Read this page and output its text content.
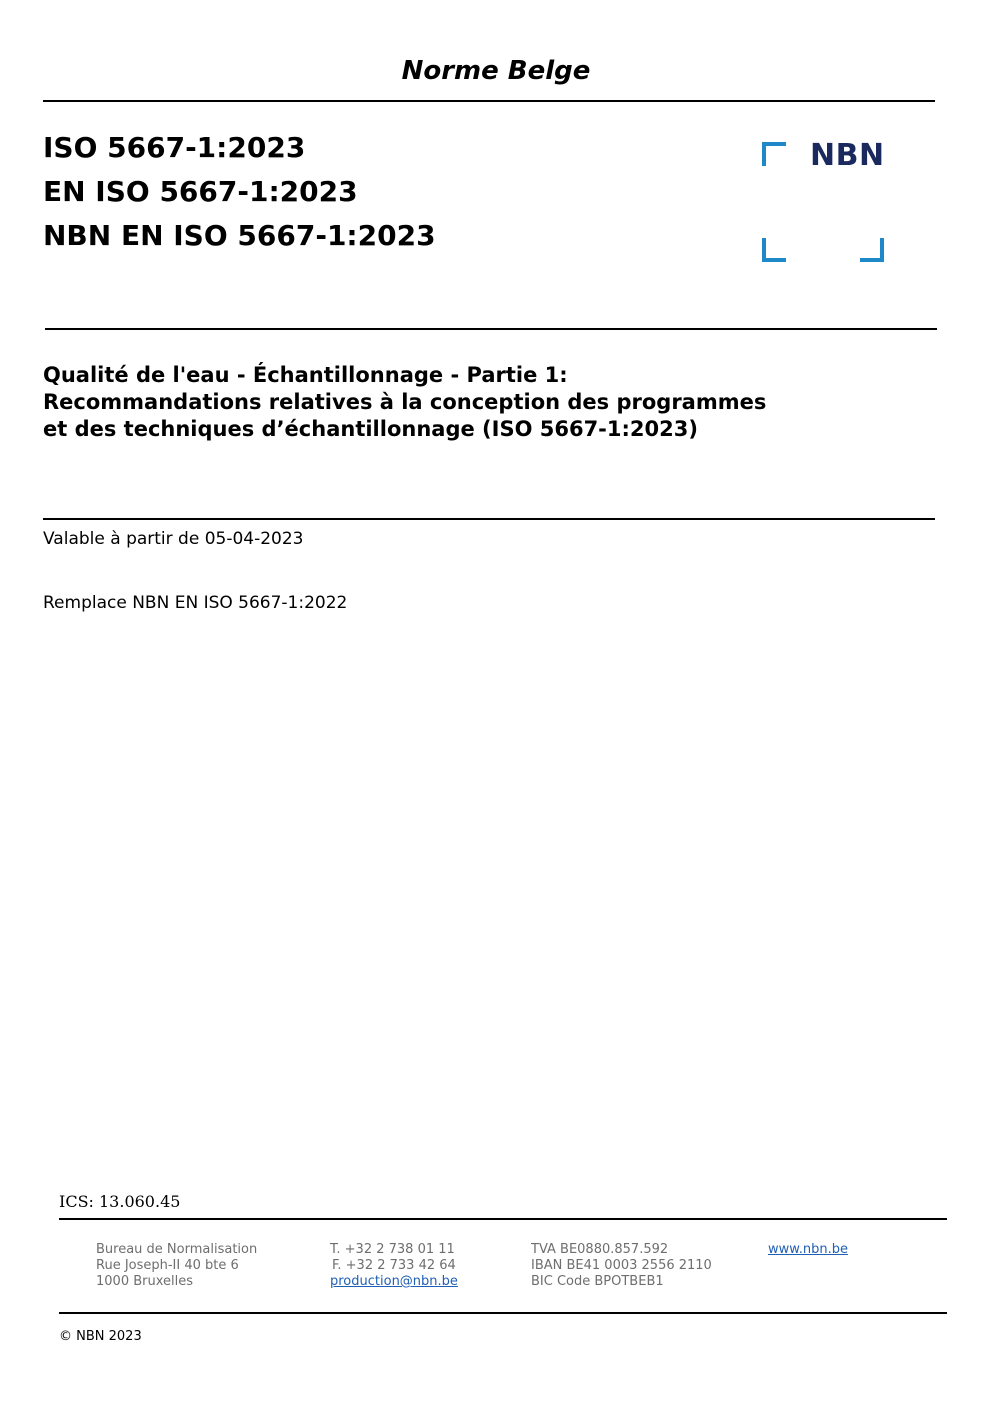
Norme Belge
ISO 5667-1:2023
EN ISO 5667-1:2023
NBN EN ISO 5667-1:2023
NBN
Qualité de l'eau - Échantillonnage - Partie 1:
Recommandations relatives à la conception des programmes
et des techniques d’échantillonnage (ISO 5667-1:2023)
Valable à partir de 05-04-2023
Remplace NBN EN ISO 5667-1:2022
ICS: 13.060.45
Bureau de Normalisation
Rue Joseph-II 40 bte 6
1000 Bruxelles
T. +32 2 738 01 11
F. +32 2 733 42 64
production@nbn.be
TVA BE0880.857.592
IBAN BE41 0003 2556 2110
BIC Code BPOTBEB1
www.nbn.be
© NBN 2023
